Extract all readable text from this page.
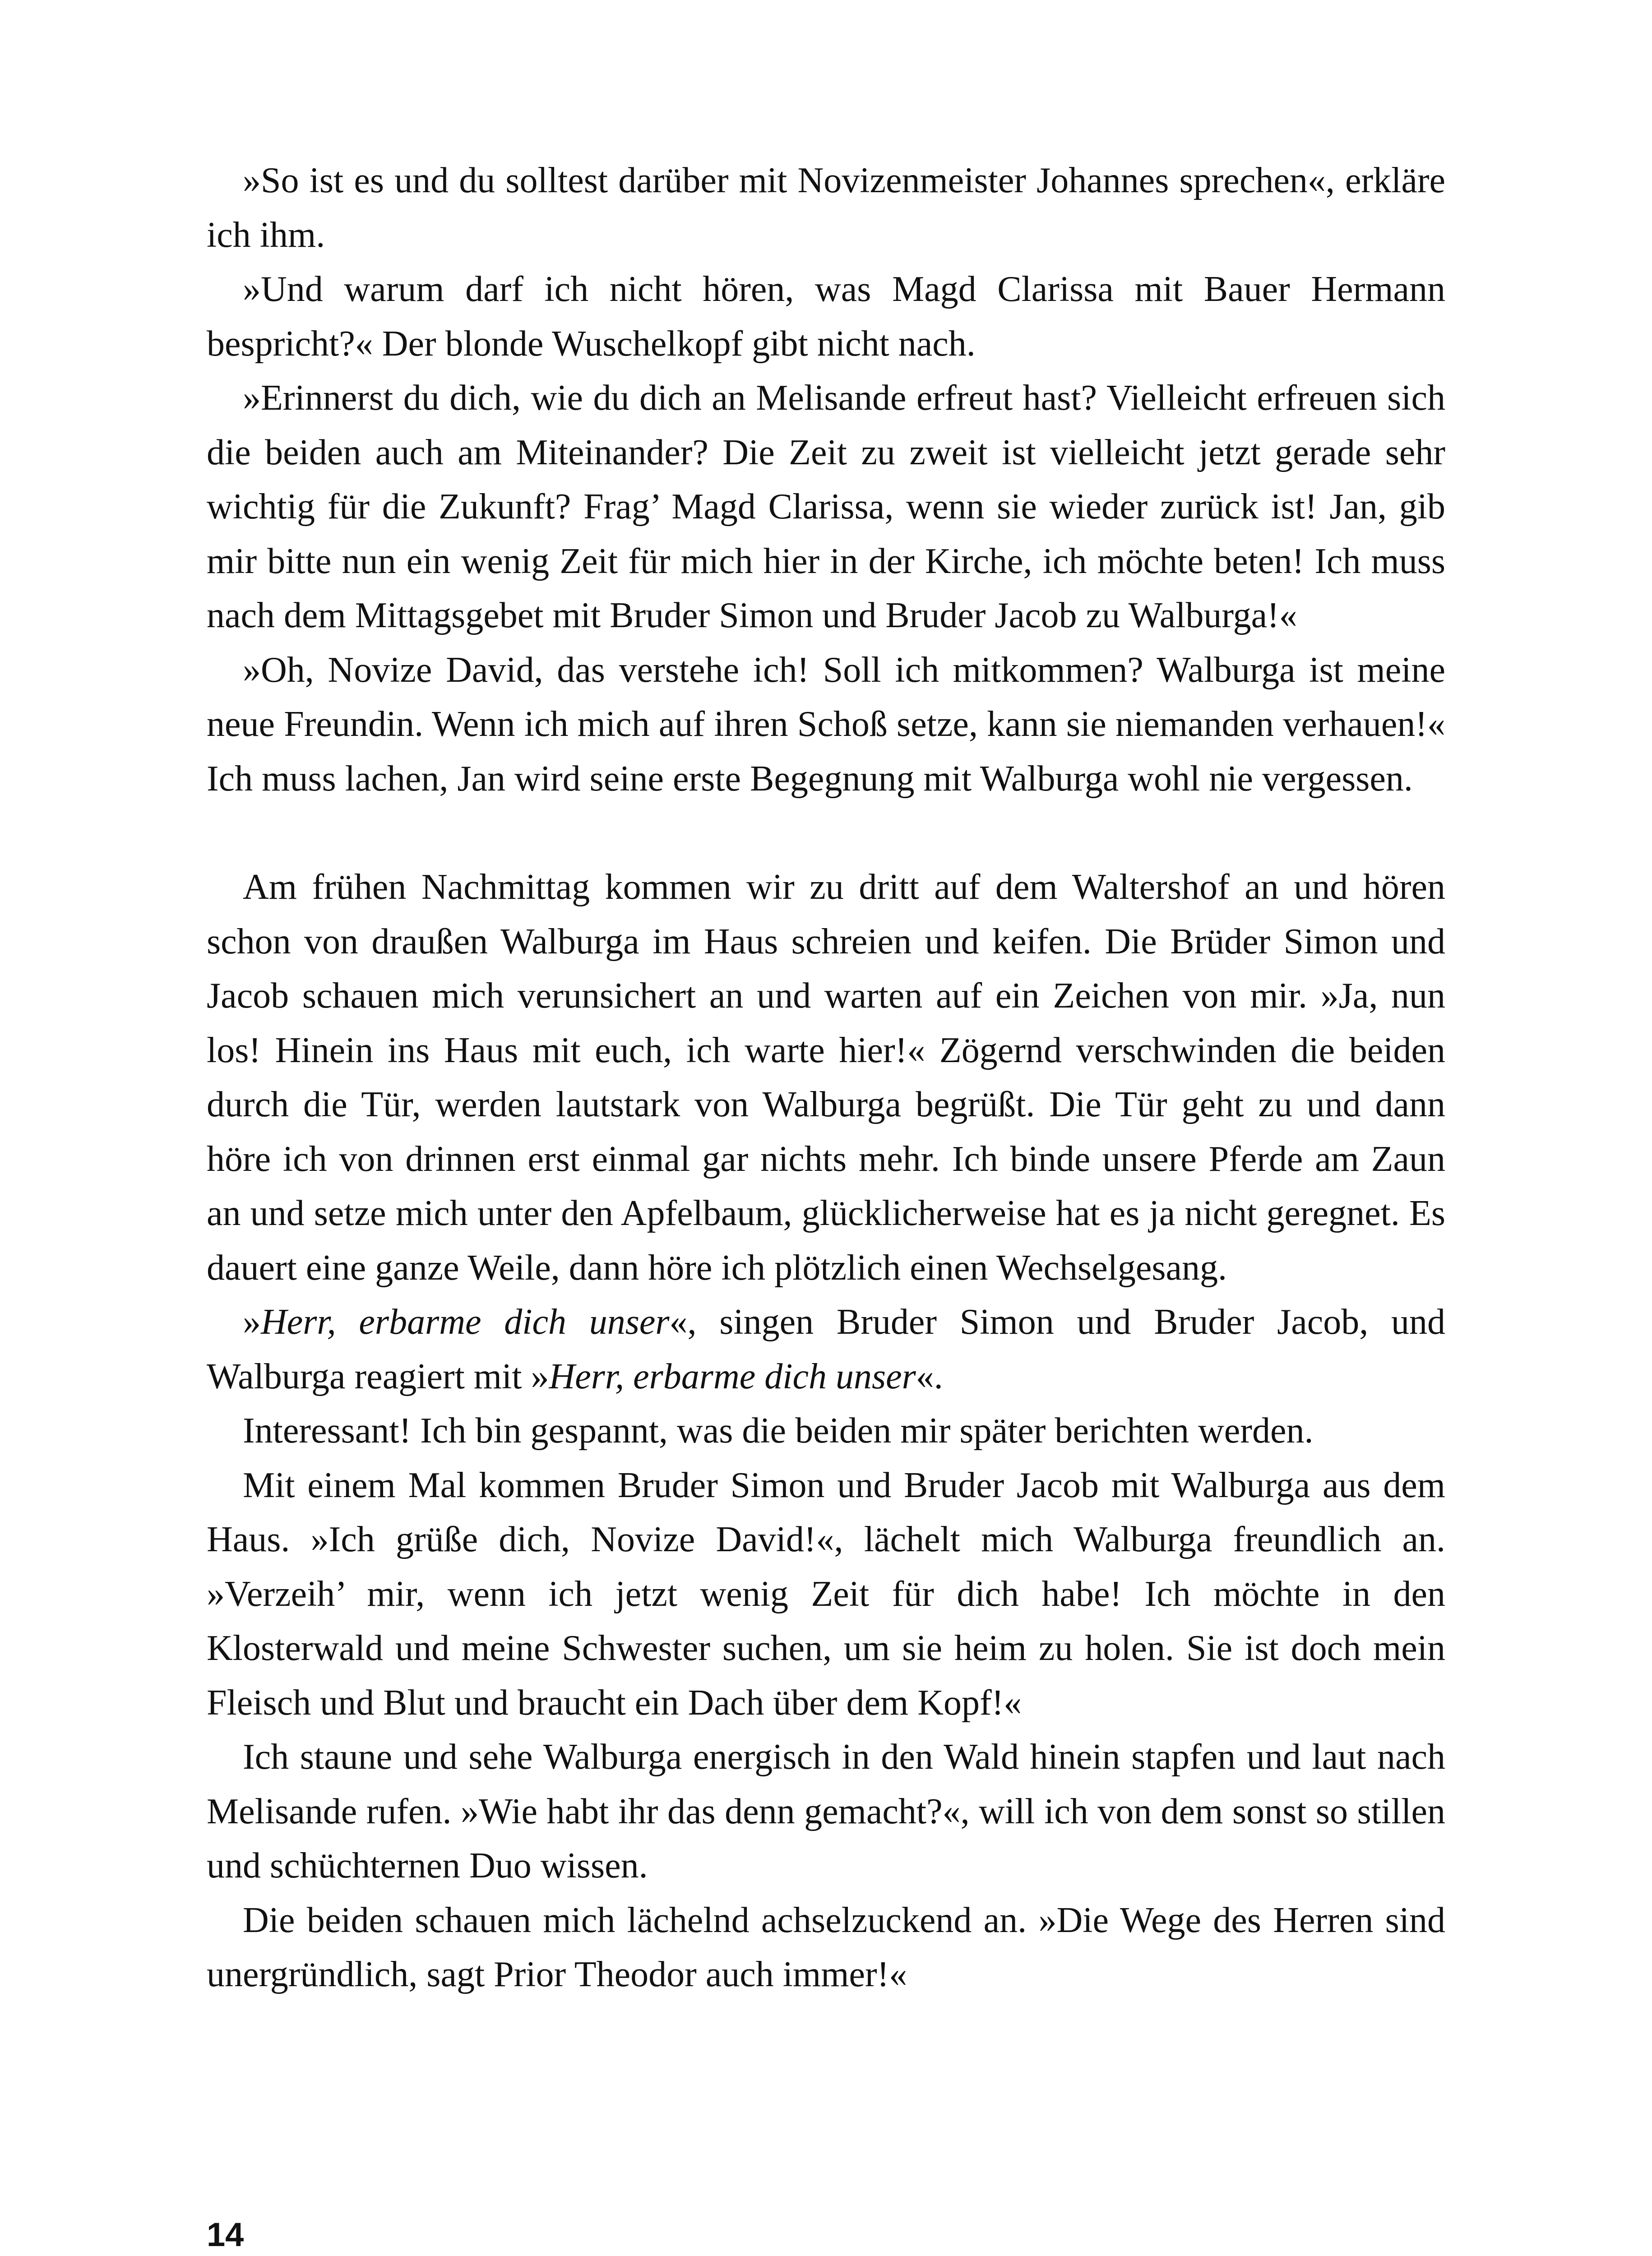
»So ist es und du solltest darüber mit Novizenmeister Johannes sprechen«, erkläre ich ihm.

»Und warum darf ich nicht hören, was Magd Clarissa mit Bauer Hermann bespricht?« Der blonde Wuschelkopf gibt nicht nach.

»Erinnerst du dich, wie du dich an Melisande erfreut hast? Vielleicht erfreuen sich die beiden auch am Miteinander? Die Zeit zu zweit ist vielleicht jetzt gerade sehr wichtig für die Zukunft? Frag’ Magd Clarissa, wenn sie wieder zurück ist! Jan, gib mir bitte nun ein wenig Zeit für mich hier in der Kirche, ich möchte beten! Ich muss nach dem Mittagsgebet mit Bruder Simon und Bruder Jacob zu Walburga!«

»Oh, Novize David, das verstehe ich! Soll ich mitkommen? Walburga ist meine neue Freundin. Wenn ich mich auf ihren Schoß setze, kann sie niemanden verhauen!« Ich muss lachen, Jan wird seine erste Begegnung mit Walburga wohl nie vergessen.

Am frühen Nachmittag kommen wir zu dritt auf dem Waltershof an und hören schon von draußen Walburga im Haus schreien und keifen. Die Brüder Simon und Jacob schauen mich verunsichert an und warten auf ein Zeichen von mir. »Ja, nun los! Hinein ins Haus mit euch, ich warte hier!« Zögernd verschwinden die beiden durch die Tür, werden lautstark von Walburga begrüßt. Die Tür geht zu und dann höre ich von drinnen erst einmal gar nichts mehr. Ich binde unsere Pferde am Zaun an und setze mich unter den Apfelbaum, glücklicherweise hat es ja nicht geregnet. Es dauert eine ganze Weile, dann höre ich plötzlich einen Wechselgesang.

»Herr, erbarme dich unser«, singen Bruder Simon und Bruder Jacob, und Walburga reagiert mit »Herr, erbarme dich unser«.

Interessant! Ich bin gespannt, was die beiden mir später berichten werden.

Mit einem Mal kommen Bruder Simon und Bruder Jacob mit Walburga aus dem Haus. »Ich grüße dich, Novize David!«, lächelt mich Walburga freundlich an. »Verzeih’ mir, wenn ich jetzt wenig Zeit für dich habe! Ich möchte in den Klosterwald und meine Schwester suchen, um sie heim zu holen. Sie ist doch mein Fleisch und Blut und braucht ein Dach über dem Kopf!«

Ich staune und sehe Walburga energisch in den Wald hinein stapfen und laut nach Melisande rufen. »Wie habt ihr das denn gemacht?«, will ich von dem sonst so stillen und schüchternen Duo wissen.

Die beiden schauen mich lächelnd achselzuckend an. »Die Wege des Herren sind unergründlich, sagt Prior Theodor auch immer!«

14
